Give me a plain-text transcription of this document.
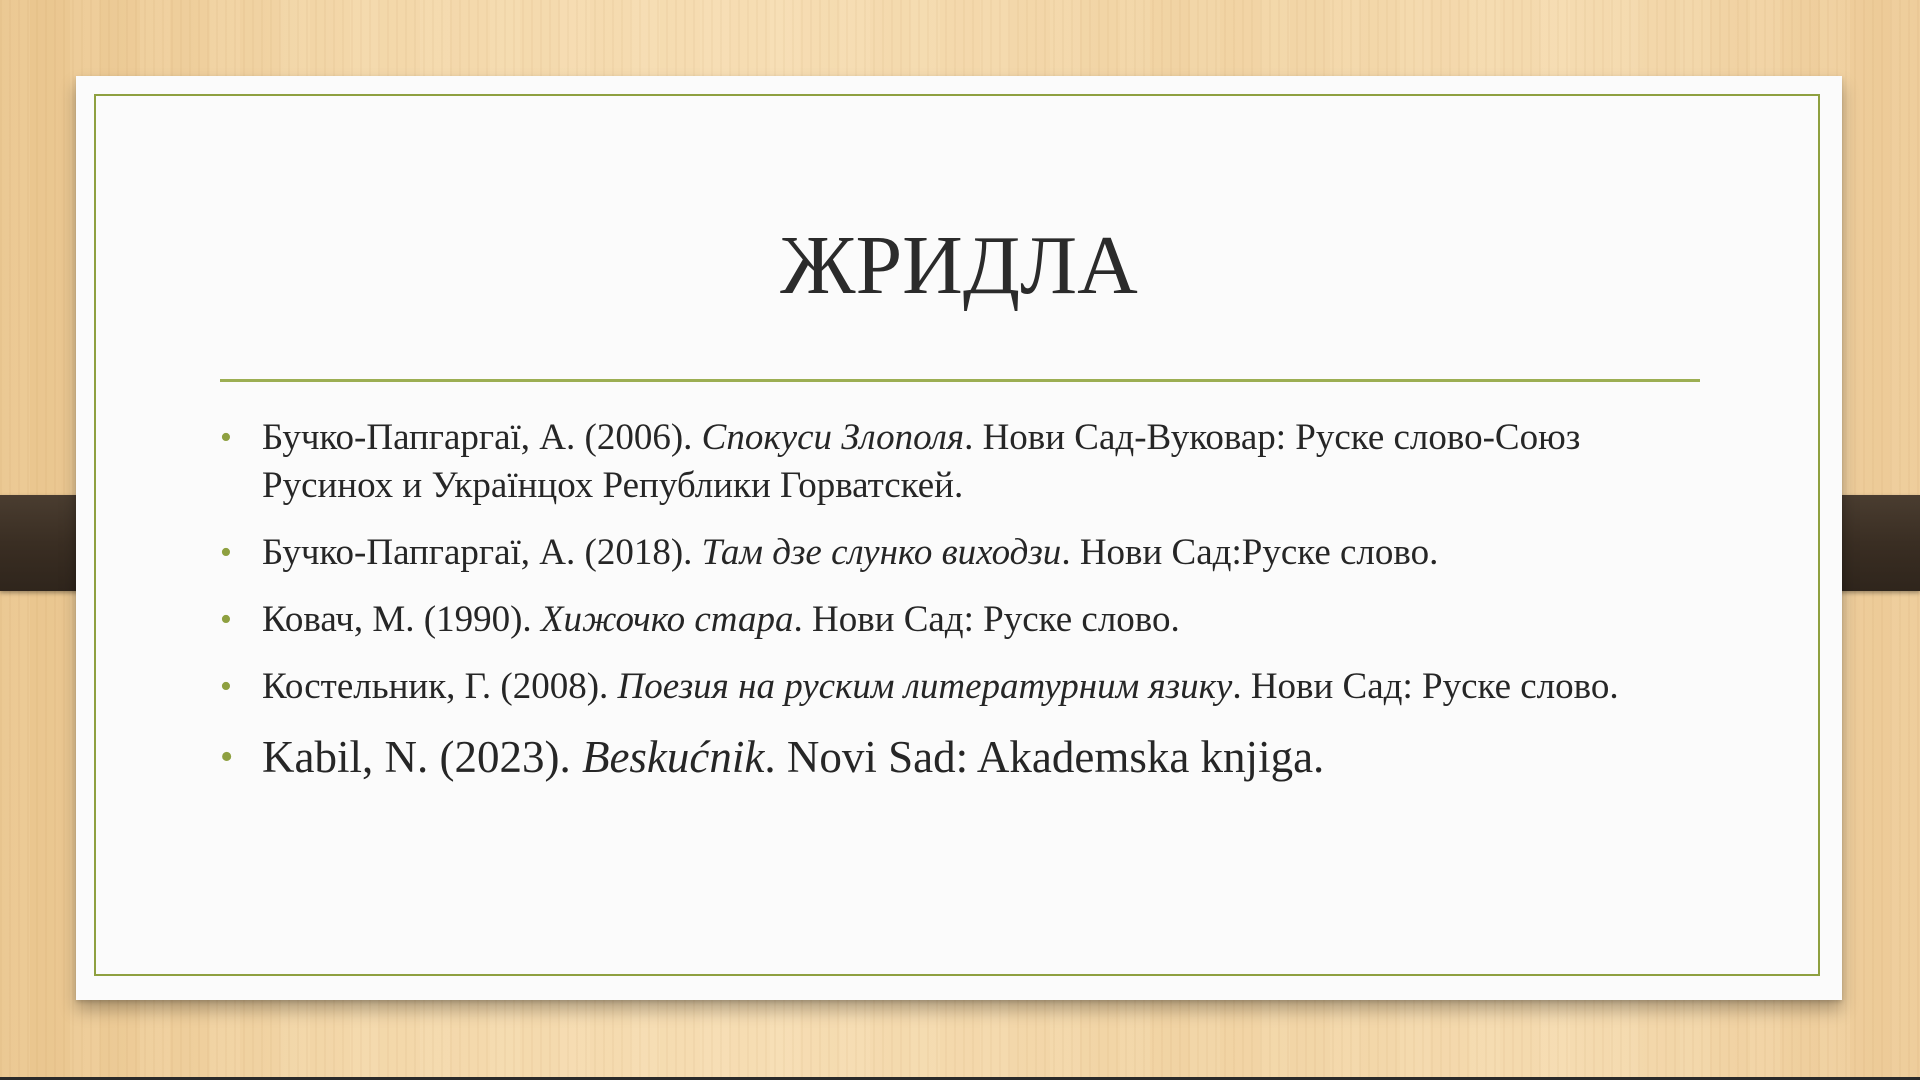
ЖРИДЛА
• Бучко-Папгаргаї, А. (2006). Спокуси Злополя. Нови Сад-Вуковар: Руске слово-Союз Русинох и Українцох Републики Горватскей.
• Бучко-Папгаргаї, А. (2018). Там дзе слунко виходзи. Нови Сад:Руске слово.
• Ковач, М. (1990). Хижочко стара. Нови Сад: Руске слово.
• Костельник, Г. (2008). Поезия на руским литературним язику. Нови Сад: Руске слово.
• Kabil, N. (2023). Beskućnik. Novi Sad: Akademska knjiga.
